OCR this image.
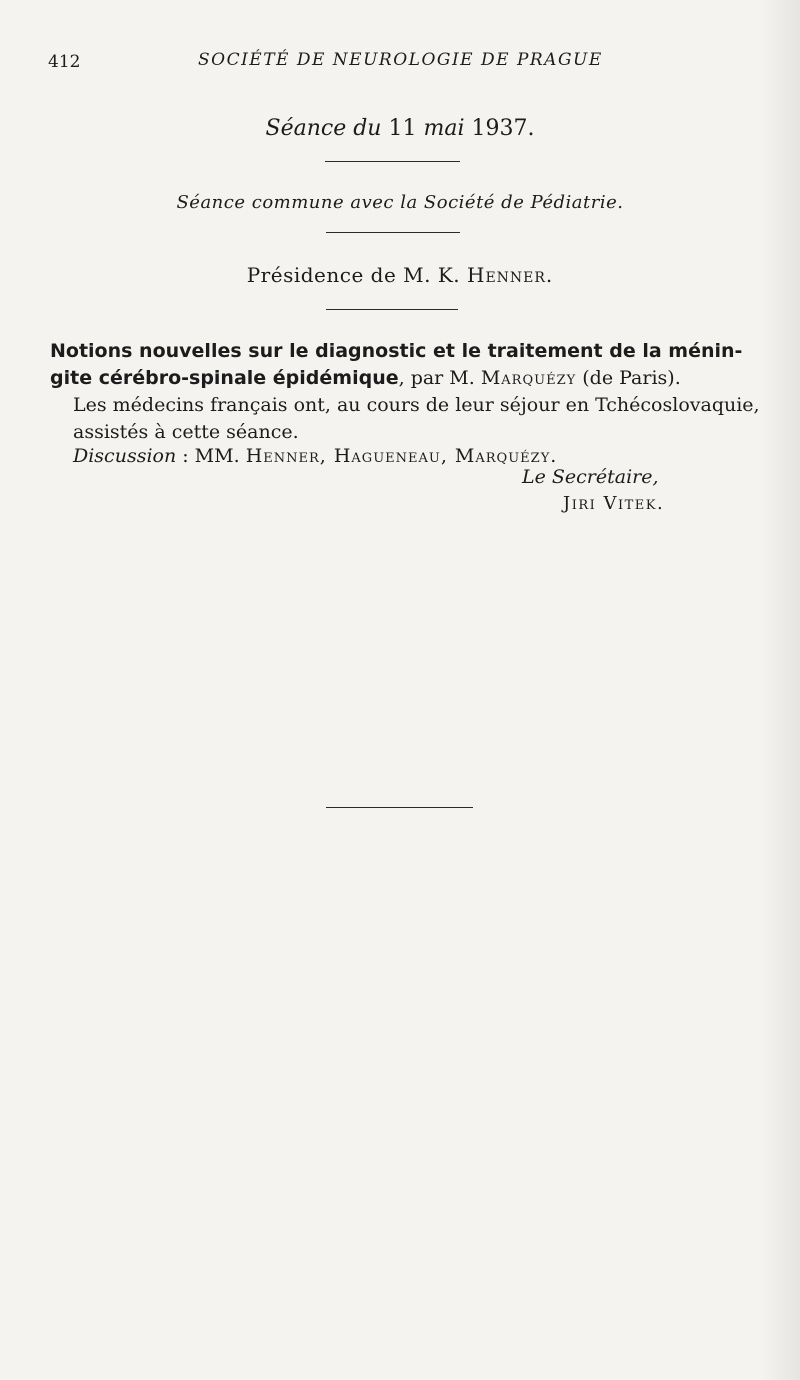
412	SOCIÉTÉ DE NEUROLOGIE DE PRAGUE
Séance du 11 mai 1937.
Séance commune avec la Société de Pédiatrie.
Présidence de M. K. Henner.
Notions nouvelles sur le diagnostic et le traitement de la ménin- gite cérébro-spinale épidémique, par M. Marquézy (de Paris).
Les médecins français ont, au cours de leur séjour en Tchécoslovaquie,
assistés à cette séance.
Discussion : MM. Henner, Hagueneau, Marquézy.
Le Secrétaire,
Jiri Vitek.
